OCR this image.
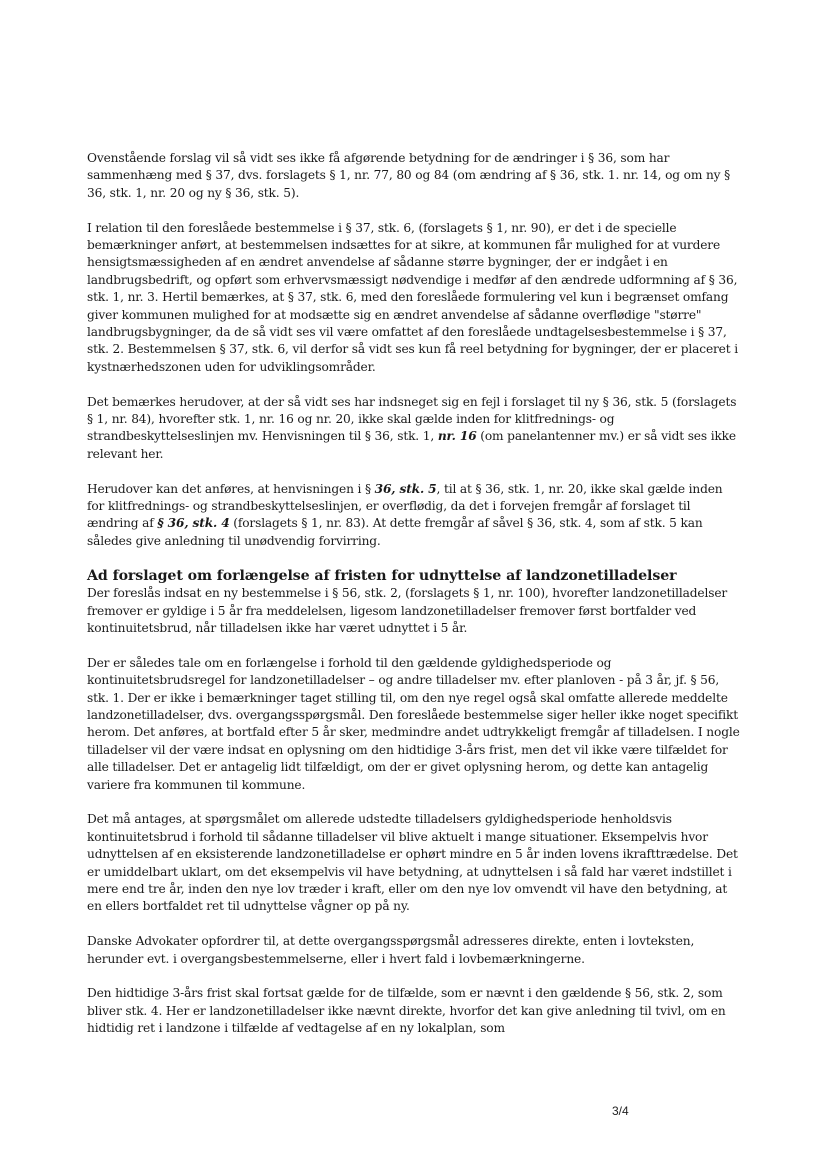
Ovenstående forslag vil så vidt ses ikke få afgørende betydning for de ændringer i § 36, som har sammenhæng med § 37, dvs. forslagets § 1, nr. 77, 80 og 84 (om ændring af § 36, stk. 1. nr. 14, og om ny § 36, stk. 1, nr. 20 og ny § 36, stk. 5).

I relation til den foreslåede bestemmelse i § 37, stk. 6, (forslagets § 1, nr. 90), er det i de specielle bemærkninger anført, at bestemmelsen indsættes for at sikre, at kommunen får mulighed for at vurdere hensigtsmæssigheden af en ændret anvendelse af sådanne større bygninger, der er indgået i en landbrugsbedrift, og opført som erhvervsmæssigt nødvendige i medfør af den ændrede udformning af § 36, stk. 1, nr. 3. Hertil bemærkes, at § 37, stk. 6, med den foreslåede formulering vel kun i begrænset omfang giver kommunen mulighed for at modsætte sig en ændret anvendelse af sådanne overflødige "større" landbrugsbygninger, da de så vidt ses vil være omfattet af den foreslåede undtagelsesbestemmelse i § 37, stk. 2. Bestemmelsen § 37, stk. 6, vil derfor så vidt ses kun få reel betydning for bygninger, der er placeret i kystnærhedszonen uden for udviklingsområder.

Det bemærkes herudover, at der så vidt ses har indsneget sig en fejl i forslaget til ny § 36, stk. 5 (forslagets § 1, nr. 84), hvorefter stk. 1, nr. 16 og nr. 20, ikke skal gælde inden for klitfrednings- og strandbeskyttelseslinjen mv. Henvisningen til § 36, stk. 1, nr. 16 (om panelantenner mv.) er så vidt ses ikke relevant her.

Herudover kan det anføres, at henvisningen i § 36, stk. 5, til at § 36, stk. 1, nr. 20, ikke skal gælde inden for klitfrednings- og strandbeskyttelseslinjen, er overflødig, da det i forvejen fremgår af forslaget til ændring af § 36, stk. 4 (forslagets § 1, nr. 83). At dette fremgår af såvel § 36, stk. 4, som af stk. 5 kan således give anledning til unødvendig forvirring.

Ad forslaget om forlængelse af fristen for udnyttelse af landzonetilladelser

Der foreslås indsat en ny bestemmelse i § 56, stk. 2, (forslagets § 1, nr. 100), hvorefter landzonetilladelser fremover er gyldige i 5 år fra meddelelsen, ligesom landzonetilladelser fremover først bortfalder ved kontinuitetsbrud, når tilladelsen ikke har været udnyttet i 5 år.

Der er således tale om en forlængelse i forhold til den gældende gyldighedsperiode og kontinuitetsbrudsregel for landzonetilladelser – og andre tilladelser mv. efter planloven - på 3 år, jf. § 56, stk. 1. Der er ikke i bemærkninger taget stilling til, om den nye regel også skal omfatte allerede meddelte landzonetilladelser, dvs. overgangsspørgsmål. Den foreslåede bestemmelse siger heller ikke noget specifikt herom. Det anføres, at bortfald efter 5 år sker, medmindre andet udtrykkeligt fremgår af tilladelsen. I nogle tilladelser vil der være indsat en oplysning om den hidtidige 3-års frist, men det vil ikke være tilfældet for alle tilladelser. Det er antagelig lidt tilfældigt, om der er givet oplysning herom, og dette kan antagelig variere fra kommunen til kommune.

Det må antages, at spørgsmålet om allerede udstedte tilladelsers gyldighedsperiode henholdsvis kontinuitetsbrud i forhold til sådanne tilladelser vil blive aktuelt i mange situationer. Eksempelvis hvor udnyttelsen af en eksisterende landzonetilladelse er ophørt mindre en 5 år inden lovens ikrafttrædelse. Det er umiddelbart uklart, om det eksempelvis vil have betydning, at udnyttelsen i så fald har været indstillet i mere end tre år, inden den nye lov træder i kraft, eller om den nye lov omvendt vil have den betydning, at en ellers bortfaldet ret til udnyttelse vågner op på ny.

Danske Advokater opfordrer til, at dette overgangsspørgsmål adresseres direkte, enten i lovteksten, herunder evt. i overgangsbestemmelserne, eller i hvert fald i lovbemærkningerne.

Den hidtidige 3-års frist skal fortsat gælde for de tilfælde, som er nævnt i den gældende § 56, stk. 2, som bliver stk. 4. Her er landzonetilladelser ikke nævnt direkte, hvorfor det kan give anledning til tvivl, om en hidtidig ret i landzone i tilfælde af vedtagelse af en ny lokalplan, som

3/4
